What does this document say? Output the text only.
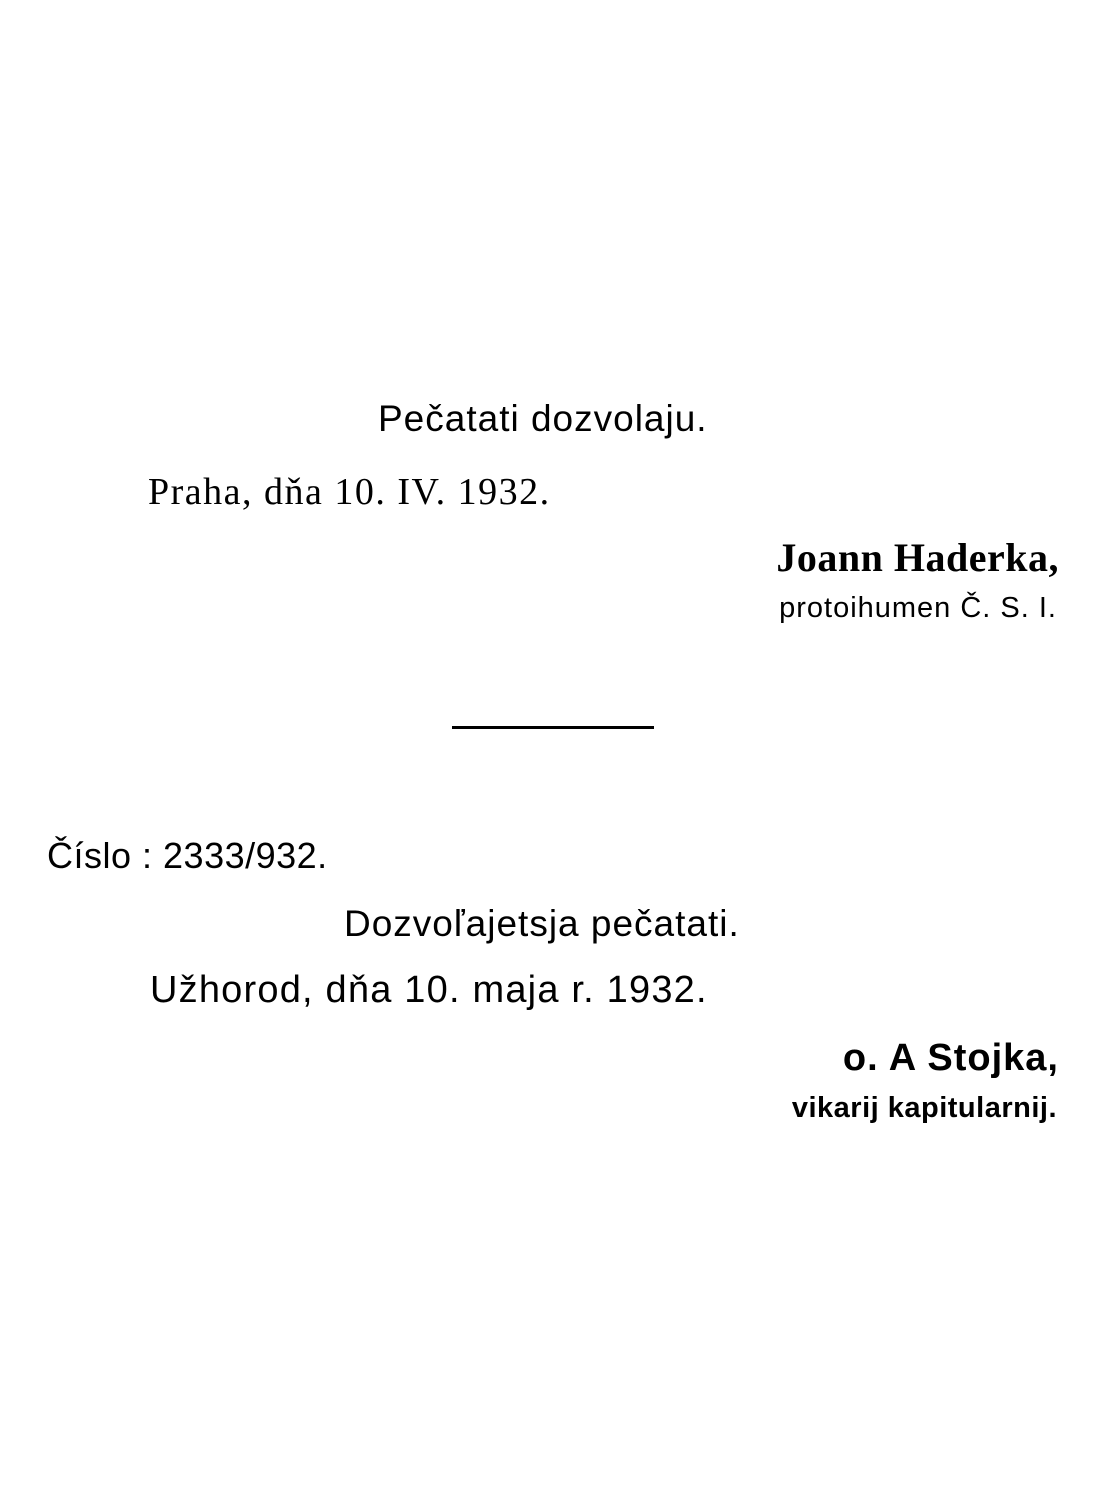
Pečatati dozvolaju.
Praha, dňa 10. IV. 1932.
Joann Haderka,
protoihumen Č. S. I.
Číslo : 2333/932.
Dozvoľajetsja pečatati.
Užhorod, dňa 10. maja r. 1932.
o. A Stojka,
vikarij kapitularnij.
